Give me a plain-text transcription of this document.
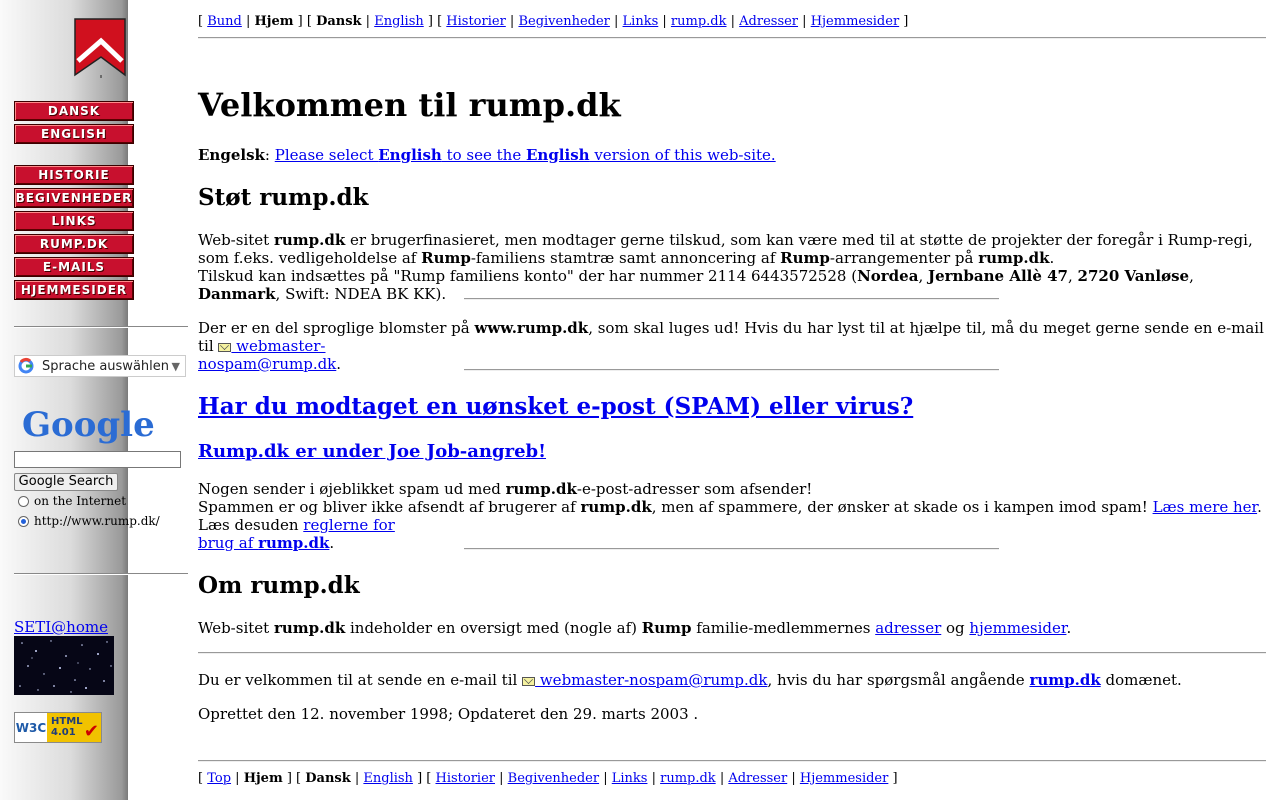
DANSK
ENGLISH
HISTORIE
BEGIVENHEDER
LINKS
RUMP.DK
E-MAILS
HJEMMESIDER
Sprache auswählen ▼
Google
Google Search
on the Internet
http://www.rump.dk/
SETI@home
W3C HTML
4.01 ✔
[ Bund | Hjem ] [ Dansk | English ] [ Historier | Begivenheder | Links | rump.dk | Adresser | Hjemmesider ]
Velkommen til rump.dk

Engelsk: Please select English to see the English version of this web-site.

Støt rump.dk

Web-sitet rump.dk er brugerfinasieret, men modtager gerne tilskud, som kan være med til at støtte de projekter der foregår i Rump-regi, som f.eks. vedligeholdelse af Rump-familiens stamtræ samt annoncering af Rump-arrangementer på rump.dk.
Tilskud kan indsættes på "Rump familiens konto" der har nummer 2114 6443572528 (Nordea, Jernbane Allè 47, 2720 Vanløse, Danmark, Swift: NDEA BK KK).

Der er en del sproglige blomster på www.rump.dk, som skal luges ud! Hvis du har lyst til at hjælpe til, må du meget gerne sende en e-mail til  webmaster-
nospam@rump.dk.

Har du modtaget en uønsket e-post (SPAM) eller virus?
Rump.dk er under Joe Job-angreb!

Nogen sender i øjeblikket spam ud med rump.dk-e-post-adresser som afsender!
Spammen er og bliver ikke afsendt af brugerer af rump.dk, men af spammere, der ønsker at skade os i kampen imod spam! Læs mere her. Læs desuden reglerne for
brug af rump.dk.

Om rump.dk

Web-sitet rump.dk indeholder en oversigt med (nogle af) Rump familie-medlemmernes adresser og hjemmesider.

Du er velkommen til at sende en e-mail til  webmaster-nospam@rump.dk, hvis du har spørgsmål angående rump.dk domænet.

Oprettet den 12. november 1998; Opdateret den 29. marts 2003 .

[ Top | Hjem ] [ Dansk | English ] [ Historier | Begivenheder | Links | rump.dk | Adresser | Hjemmesider ]
